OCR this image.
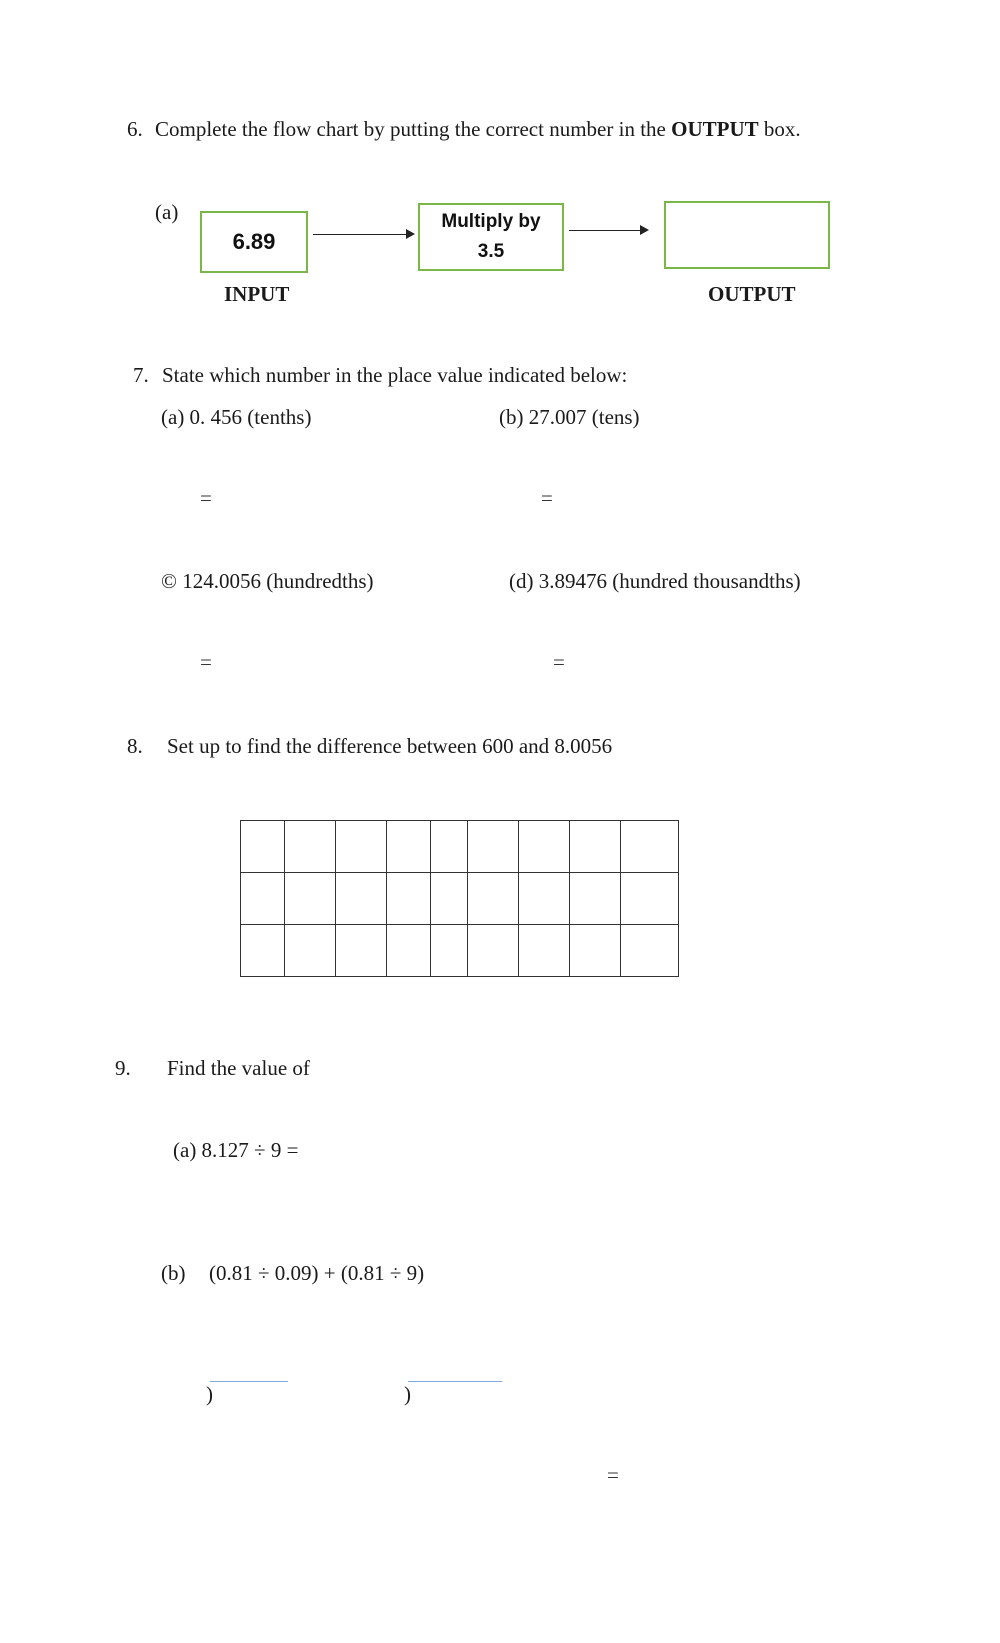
6. Complete the flow chart by putting the correct number in the OUTPUT box.
(a)
6.89
Multiply by
3.5
INPUT	OUTPUT
7. State which number in the place value indicated below:
(a) 0. 456 (tenths)	(b) 27.007 (tens)
=	=
© 124.0056 (hundredths)	(d) 3.89476 (hundred thousandths)
=	=
8. Set up to find the difference between 600 and 8.0056

9. Find the value of
(a) 8.127 ÷ 9 =
(b) (0.81 ÷ 0.09) + (0.81 ÷ 9)
)	)
=
